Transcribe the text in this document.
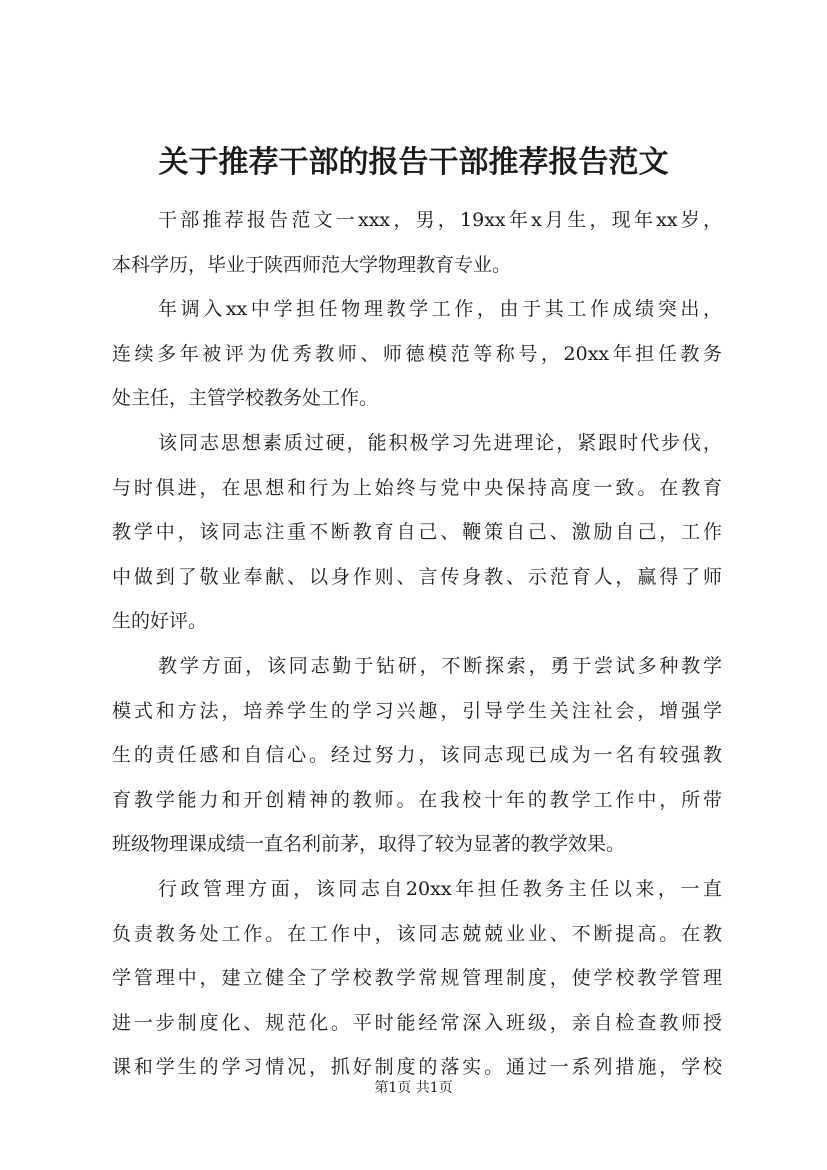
关于推荐干部的报告干部推荐报告范文
干部推荐报告范文一xxx，男，19xx年x月生，现年xx岁，
本科学历，毕业于陕西师范大学物理教育专业。
年调入xx中学担任物理教学工作，由于其工作成绩突出，
连续多年被评为优秀教师、师德模范等称号，20xx年担任教务
处主任，主管学校教务处工作。
该同志思想素质过硬，能积极学习先进理论，紧跟时代步伐，
与时俱进，在思想和行为上始终与党中央保持高度一致。在教育
教学中，该同志注重不断教育自己、鞭策自己、激励自己，工作
中做到了敬业奉献、以身作则、言传身教、示范育人，赢得了师
生的好评。
教学方面，该同志勤于钻研，不断探索，勇于尝试多种教学
模式和方法，培养学生的学习兴趣，引导学生关注社会，增强学
生的责任感和自信心。经过努力，该同志现已成为一名有较强教
育教学能力和开创精神的教师。在我校十年的教学工作中，所带
班级物理课成绩一直名利前茅，取得了较为显著的教学效果。
行政管理方面，该同志自20xx年担任教务主任以来，一直
负责教务处工作。在工作中，该同志兢兢业业、不断提高。在教
学管理中，建立健全了学校教学常规管理制度，使学校教学管理
进一步制度化、规范化。平时能经常深入班级，亲自检查教师授
课和学生的学习情况，抓好制度的落实。通过一系列措施，学校
第1页 共1页
